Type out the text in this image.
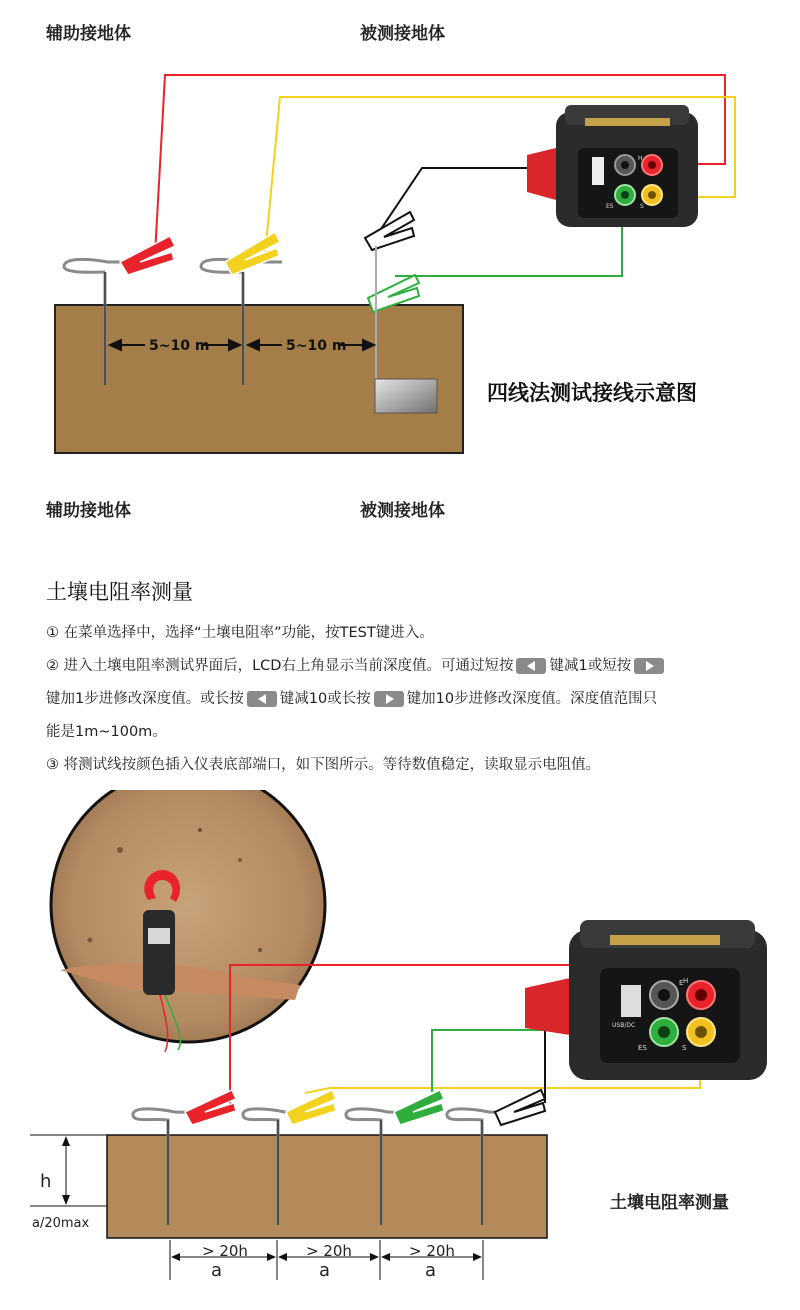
辅助接地体	被测接地体
H
ES	S
5~10 m	5~10 m
四线法测试接线示意图
辅助接地体	被测接地体
土壤电阻率测量
① 在菜单选择中，选择“土壤电阻率”功能，按TEST键进入。
② 进入土壤电阻率测试界面后，LCD右上角显示当前深度值。可通过短按 键减1或短按
键加1步进修改深度值。或长按 键减10或长按 键加10步进修改深度值。深度值范围只
能是1m~100m。
③ 将测试线按颜色插入仪表底部端口，如下图所示。等待数值稳定，读取显示电阻值。
USB/DC
E H
ES	S
h
a/20max
> 20h	> 20h	> 20h
a	a	a
土壤电阻率测量
